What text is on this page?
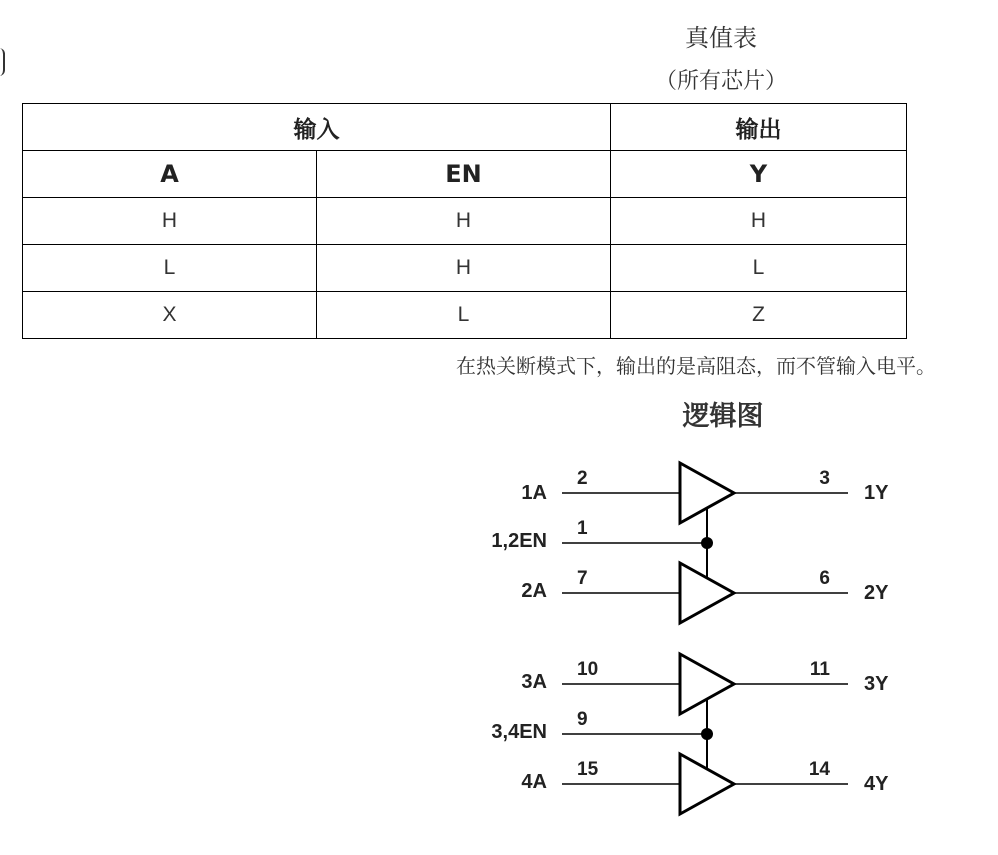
真值表
（所有芯片）
输入		输出
A	EN	Y
H	H	H
L	H	L
X	L	Z
在热关断模式下，输出的是高阻态，而不管输入电平。
逻辑图
1A
1,2EN
2A
3A
3,4EN
4A
2
1
7
10
9
15
3
6
11
14
1Y
2Y
3Y
4Y
